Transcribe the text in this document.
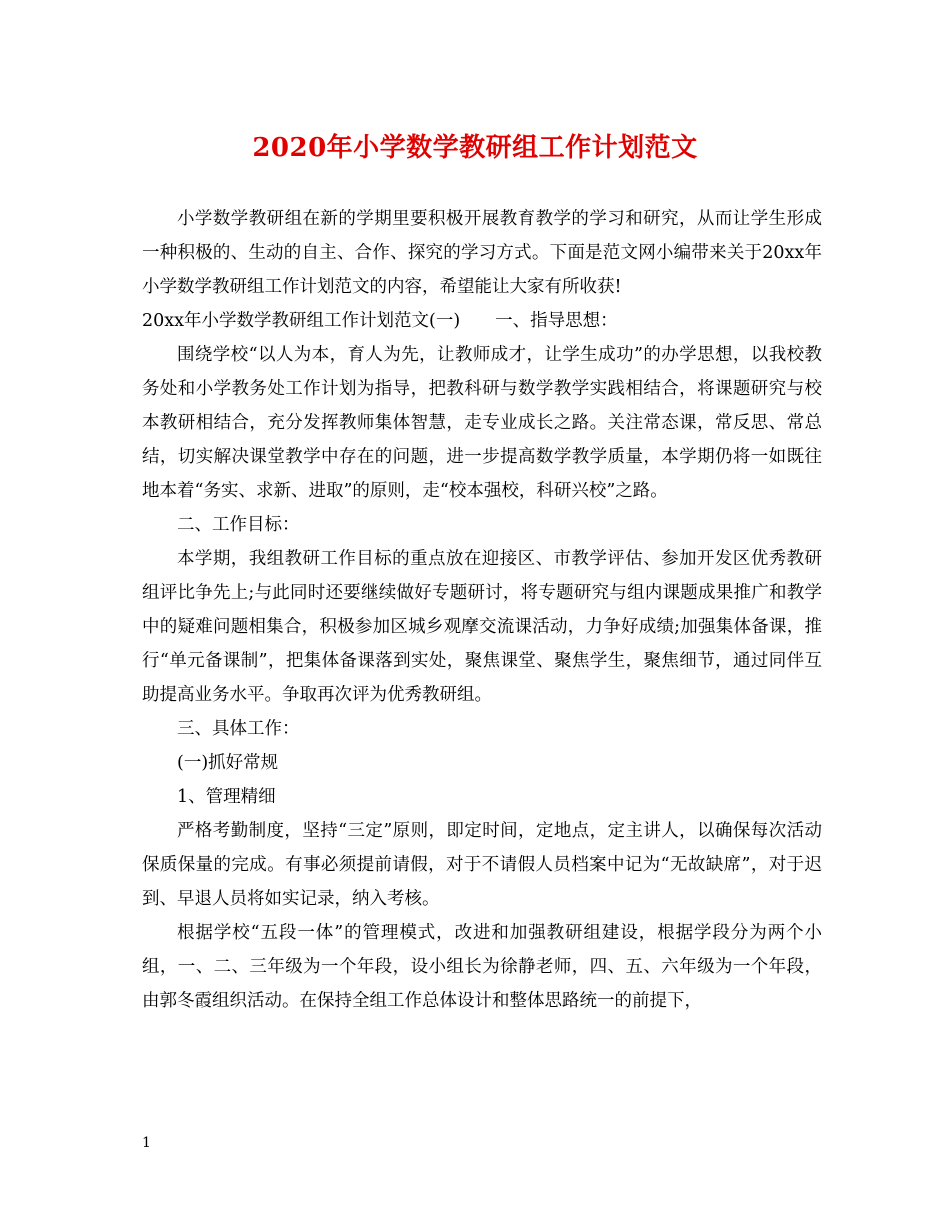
2020年小学数学教研组工作计划范文

小学数学教研组在新的学期里要积极开展教育教学的学习和研究，从而让学生形成一种积极的、生动的自主、合作、探究的学习方式。下面是范文网小编带来关于20xx年小学数学教研组工作计划范文的内容，希望能让大家有所收获!

20xx年小学数学教研组工作计划范文(一)　　一、指导思想：

围绕学校“以人为本，育人为先，让教师成才，让学生成功”的办学思想，以我校教务处和小学教务处工作计划为指导，把教科研与数学教学实践相结合，将课题研究与校本教研相结合，充分发挥教师集体智慧，走专业成长之路。关注常态课，常反思、常总结，切实解决课堂教学中存在的问题，进一步提高数学教学质量，本学期仍将一如既往地本着“务实、求新、进取”的原则，走“校本强校，科研兴校”之路。

二、工作目标：

本学期，我组教研工作目标的重点放在迎接区、市教学评估、参加开发区优秀教研组评比争先上;与此同时还要继续做好专题研讨，将专题研究与组内课题成果推广和教学中的疑难问题相集合，积极参加区城乡观摩交流课活动，力争好成绩;加强集体备课，推行“单元备课制”，把集体备课落到实处，聚焦课堂、聚焦学生，聚焦细节，通过同伴互助提高业务水平。争取再次评为优秀教研组。

三、具体工作：

(一)抓好常规

1、管理精细

严格考勤制度，坚持“三定”原则，即定时间，定地点，定主讲人，以确保每次活动保质保量的完成。有事必须提前请假，对于不请假人员档案中记为“无故缺席”，对于迟到、早退人员将如实记录，纳入考核。

根据学校“五段一体”的管理模式，改进和加强教研组建设，根据学段分为两个小组，一、二、三年级为一个年段，设小组长为徐静老师，四、五、六年级为一个年段，由郭冬霞组织活动。在保持全组工作总体设计和整体思路统一的前提下，

1
